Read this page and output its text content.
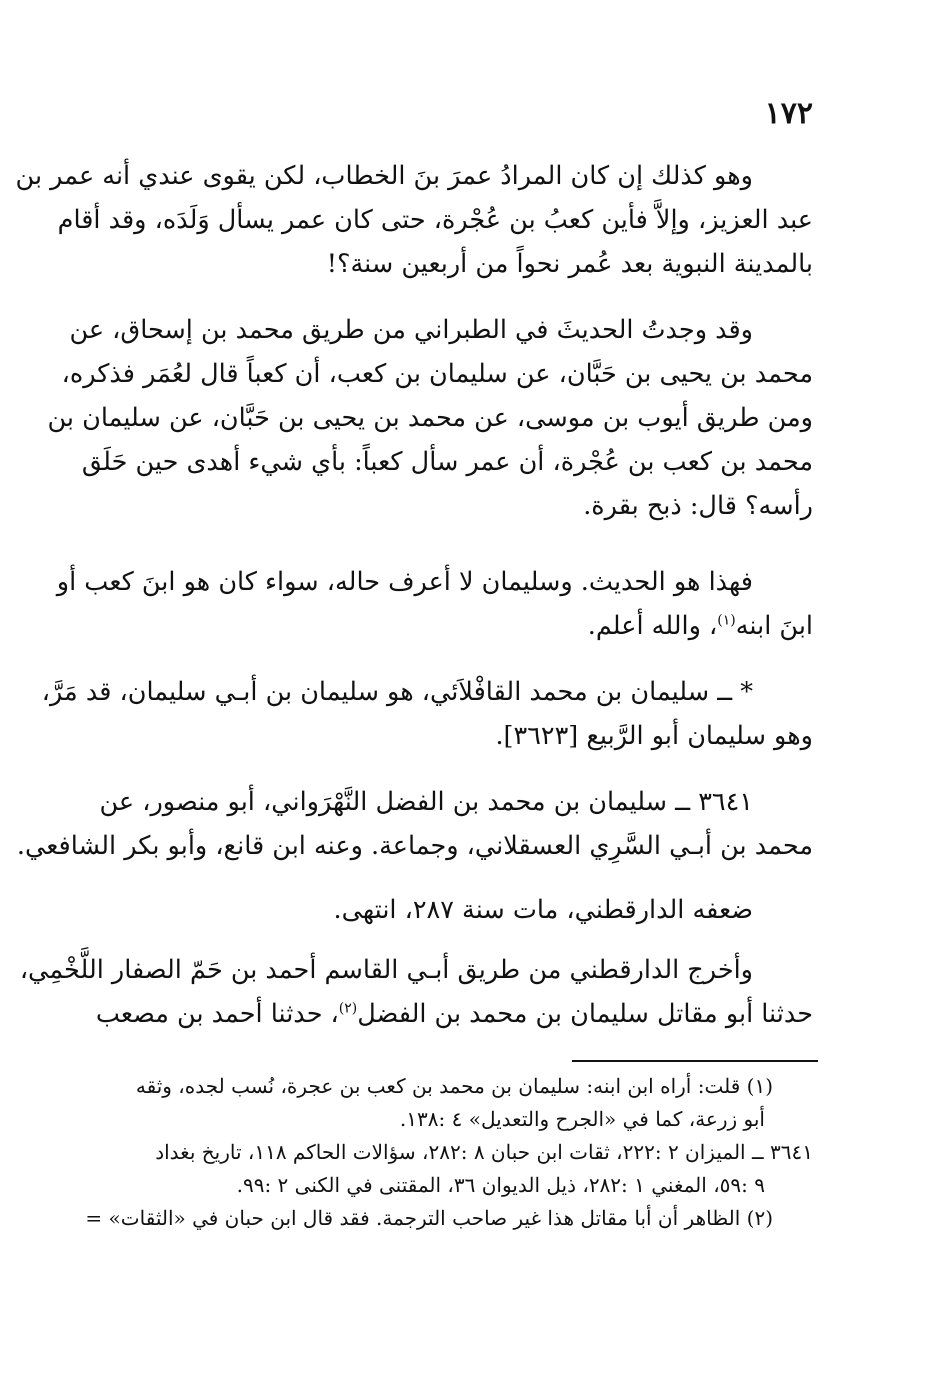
١٧٢
وهو كذلك إن كان المرادُ عمرَ بنَ الخطاب، لكن يقوى عندي أنه عمر بن
عبد العزيز، وإلاَّ فأين كعبُ بن عُجْرة، حتى كان عمر يسأل وَلَدَه، وقد أقام
بالمدينة النبوية بعد عُمر نحواً من أربعين سنة؟!
وقد وجدتُ الحديثَ في الطبراني من طريق محمد بن إسحاق، عن
محمد بن يحيى بن حَبَّان، عن سليمان بن كعب، أن كعباً قال لعُمَر فذكره،
ومن طريق أيوب بن موسى، عن محمد بن يحيى بن حَبَّان، عن سليمان بن
محمد بن كعب بن عُجْرة، أن عمر سأل كعباً: بأي شيء أهدى حين حَلَق
رأسه؟ قال: ذبح بقرة.
فهذا هو الحديث. وسليمان لا أعرف حاله، سواء كان هو ابنَ كعب أو
ابنَ ابنه$^{(١)}$، والله أعلم.
* ــ سليمان بن محمد القافْلاَئي، هو سليمان بن أبـي سليمان، قد مَرَّ،
وهو سليمان أبو الرَّبيع [٣٦٢٣].
٣٦٤١ ــ سليمان بن محمد بن الفضل النَّهْرَواني، أبو منصور، عن
محمد بن أبـي السَّرِي العسقلاني، وجماعة. وعنه ابن قانع، وأبو بكر الشافعي.
ضعفه الدارقطني، مات سنة ٢٨٧، انتهى.
وأخرج الدارقطني من طريق أبـي القاسم أحمد بن حَمّ الصفار اللَّخْمِي،
حدثنا أبو مقاتل سليمان بن محمد بن الفضل$^{(٢)}$، حدثنا أحمد بن مصعب
(١) قلت: أراه ابن ابنه: سليمان بن محمد بن كعب بن عجرة، نُسب لجده، وثقه
أبو زرعة، كما في «الجرح والتعديل» ٤ :١٣٨.
٣٦٤١ ــ الميزان ٢ :٢٢٢، ثقات ابن حبان ٨ :٢٨٢، سؤالات الحاكم ١١٨، تاريخ بغداد
٩ :٥٩، المغني ١ :٢٨٢، ذيل الديوان ٣٦، المقتنى في الكنى ٢ :٩٩.
(٢) الظاهر أن أبا مقاتل هذا غير صاحب الترجمة. فقد قال ابن حبان في «الثقات» =
